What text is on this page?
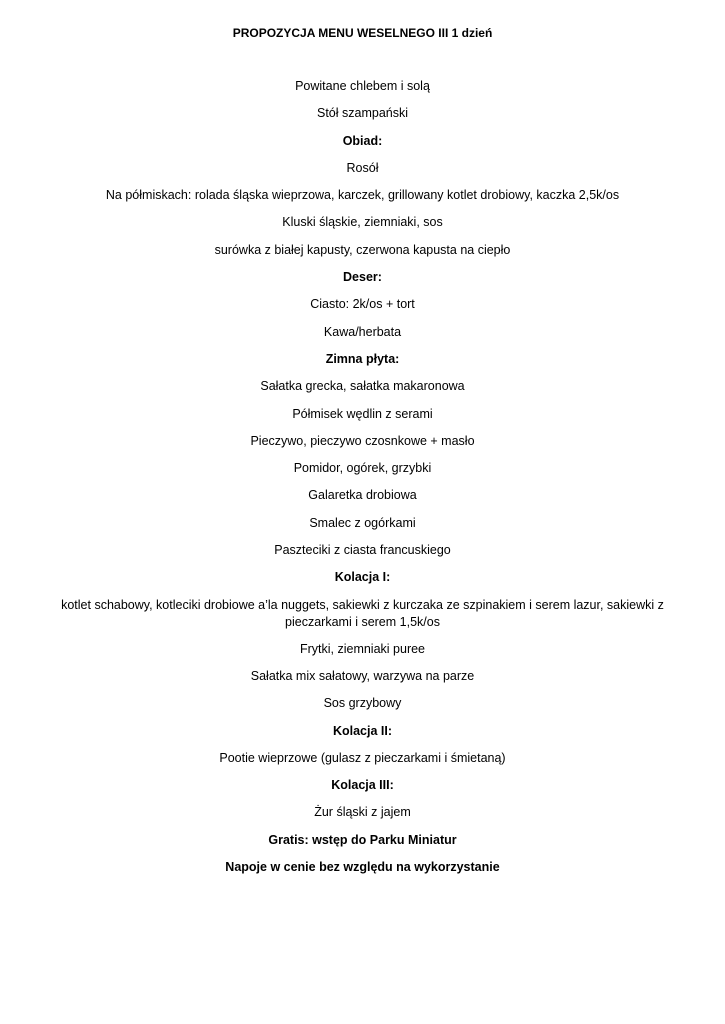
PROPOZYCJA MENU WESELNEGO III 1 dzień
Powitane chlebem i solą
Stół szampański
Obiad:
Rosół
Na półmiskach: rolada śląska wieprzowa, karczek, grillowany kotlet drobiowy, kaczka 2,5k/os
Kluski śląskie, ziemniaki, sos
surówka z białej kapusty, czerwona kapusta na ciepło
Deser:
Ciasto: 2k/os + tort
Kawa/herbata
Zimna płyta:
Sałatka grecka, sałatka makaronowa
Półmisek wędlin z serami
Pieczywo, pieczywo czosnkowe + masło
Pomidor, ogórek, grzybki
Galaretka drobiowa
Smalec z ogórkami
Paszteciki z ciasta francuskiego
Kolacja I:
kotlet schabowy, kotleciki drobiowe a’la nuggets, sakiewki z kurczaka ze szpinakiem i serem lazur, sakiewki z pieczarkami i serem 1,5k/os
Frytki, ziemniaki puree
Sałatka mix sałatowy, warzywa na parze
Sos grzybowy
Kolacja II:
Pootie wieprzowe (gulasz z pieczarkami i śmietaną)
Kolacja III:
Żur śląski z jajem
Gratis: wstęp do Parku Miniatur
Napoje w cenie bez względu na wykorzystanie
